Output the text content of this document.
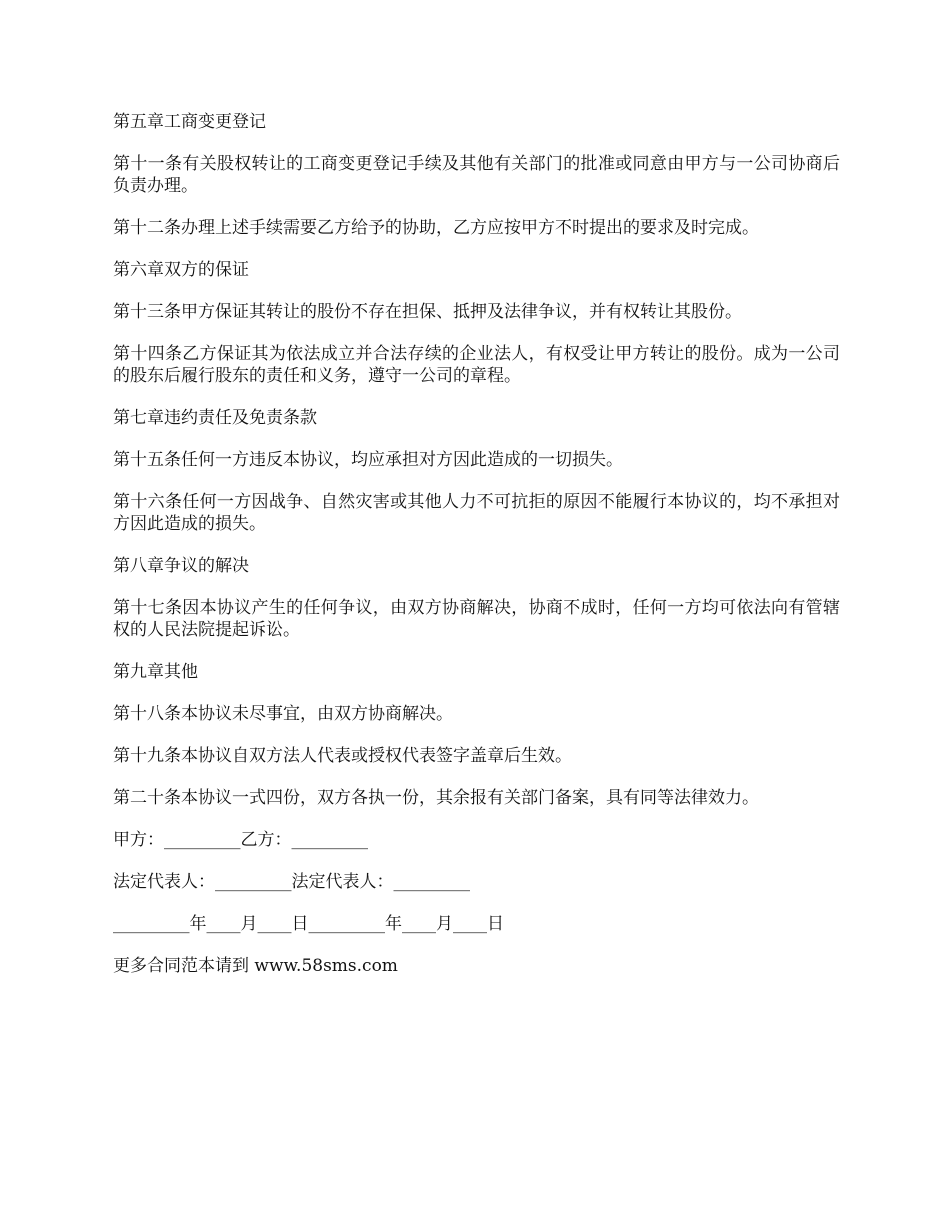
第五章工商变更登记

第十一条有关股权转让的工商变更登记手续及其他有关部门的批准或同意由甲方与一公司协商后负责办理。

第十二条办理上述手续需要乙方给予的协助，乙方应按甲方不时提出的要求及时完成。

第六章双方的保证

第十三条甲方保证其转让的股份不存在担保、抵押及法律争议，并有权转让其股份。

第十四条乙方保证其为依法成立并合法存续的企业法人，有权受让甲方转让的股份。成为一公司的股东后履行股东的责任和义务，遵守一公司的章程。

第七章违约责任及免责条款

第十五条任何一方违反本协议，均应承担对方因此造成的一切损失。

第十六条任何一方因战争、自然灾害或其他人力不可抗拒的原因不能履行本协议的，均不承担对方因此造成的损失。

第八章争议的解决

第十七条因本协议产生的任何争议，由双方协商解决，协商不成时，任何一方均可依法向有管辖权的人民法院提起诉讼。

第九章其他

第十八条本协议未尽事宜，由双方协商解决。

第十九条本协议自双方法人代表或授权代表签字盖章后生效。

第二十条本协议一式四份，双方各执一份，其余报有关部门备案，具有同等法律效力。

甲方：_________乙方：_________

法定代表人：_________法定代表人：_________

_________年____月____日_________年____月____日

更多合同范本请到 www.58sms.com
